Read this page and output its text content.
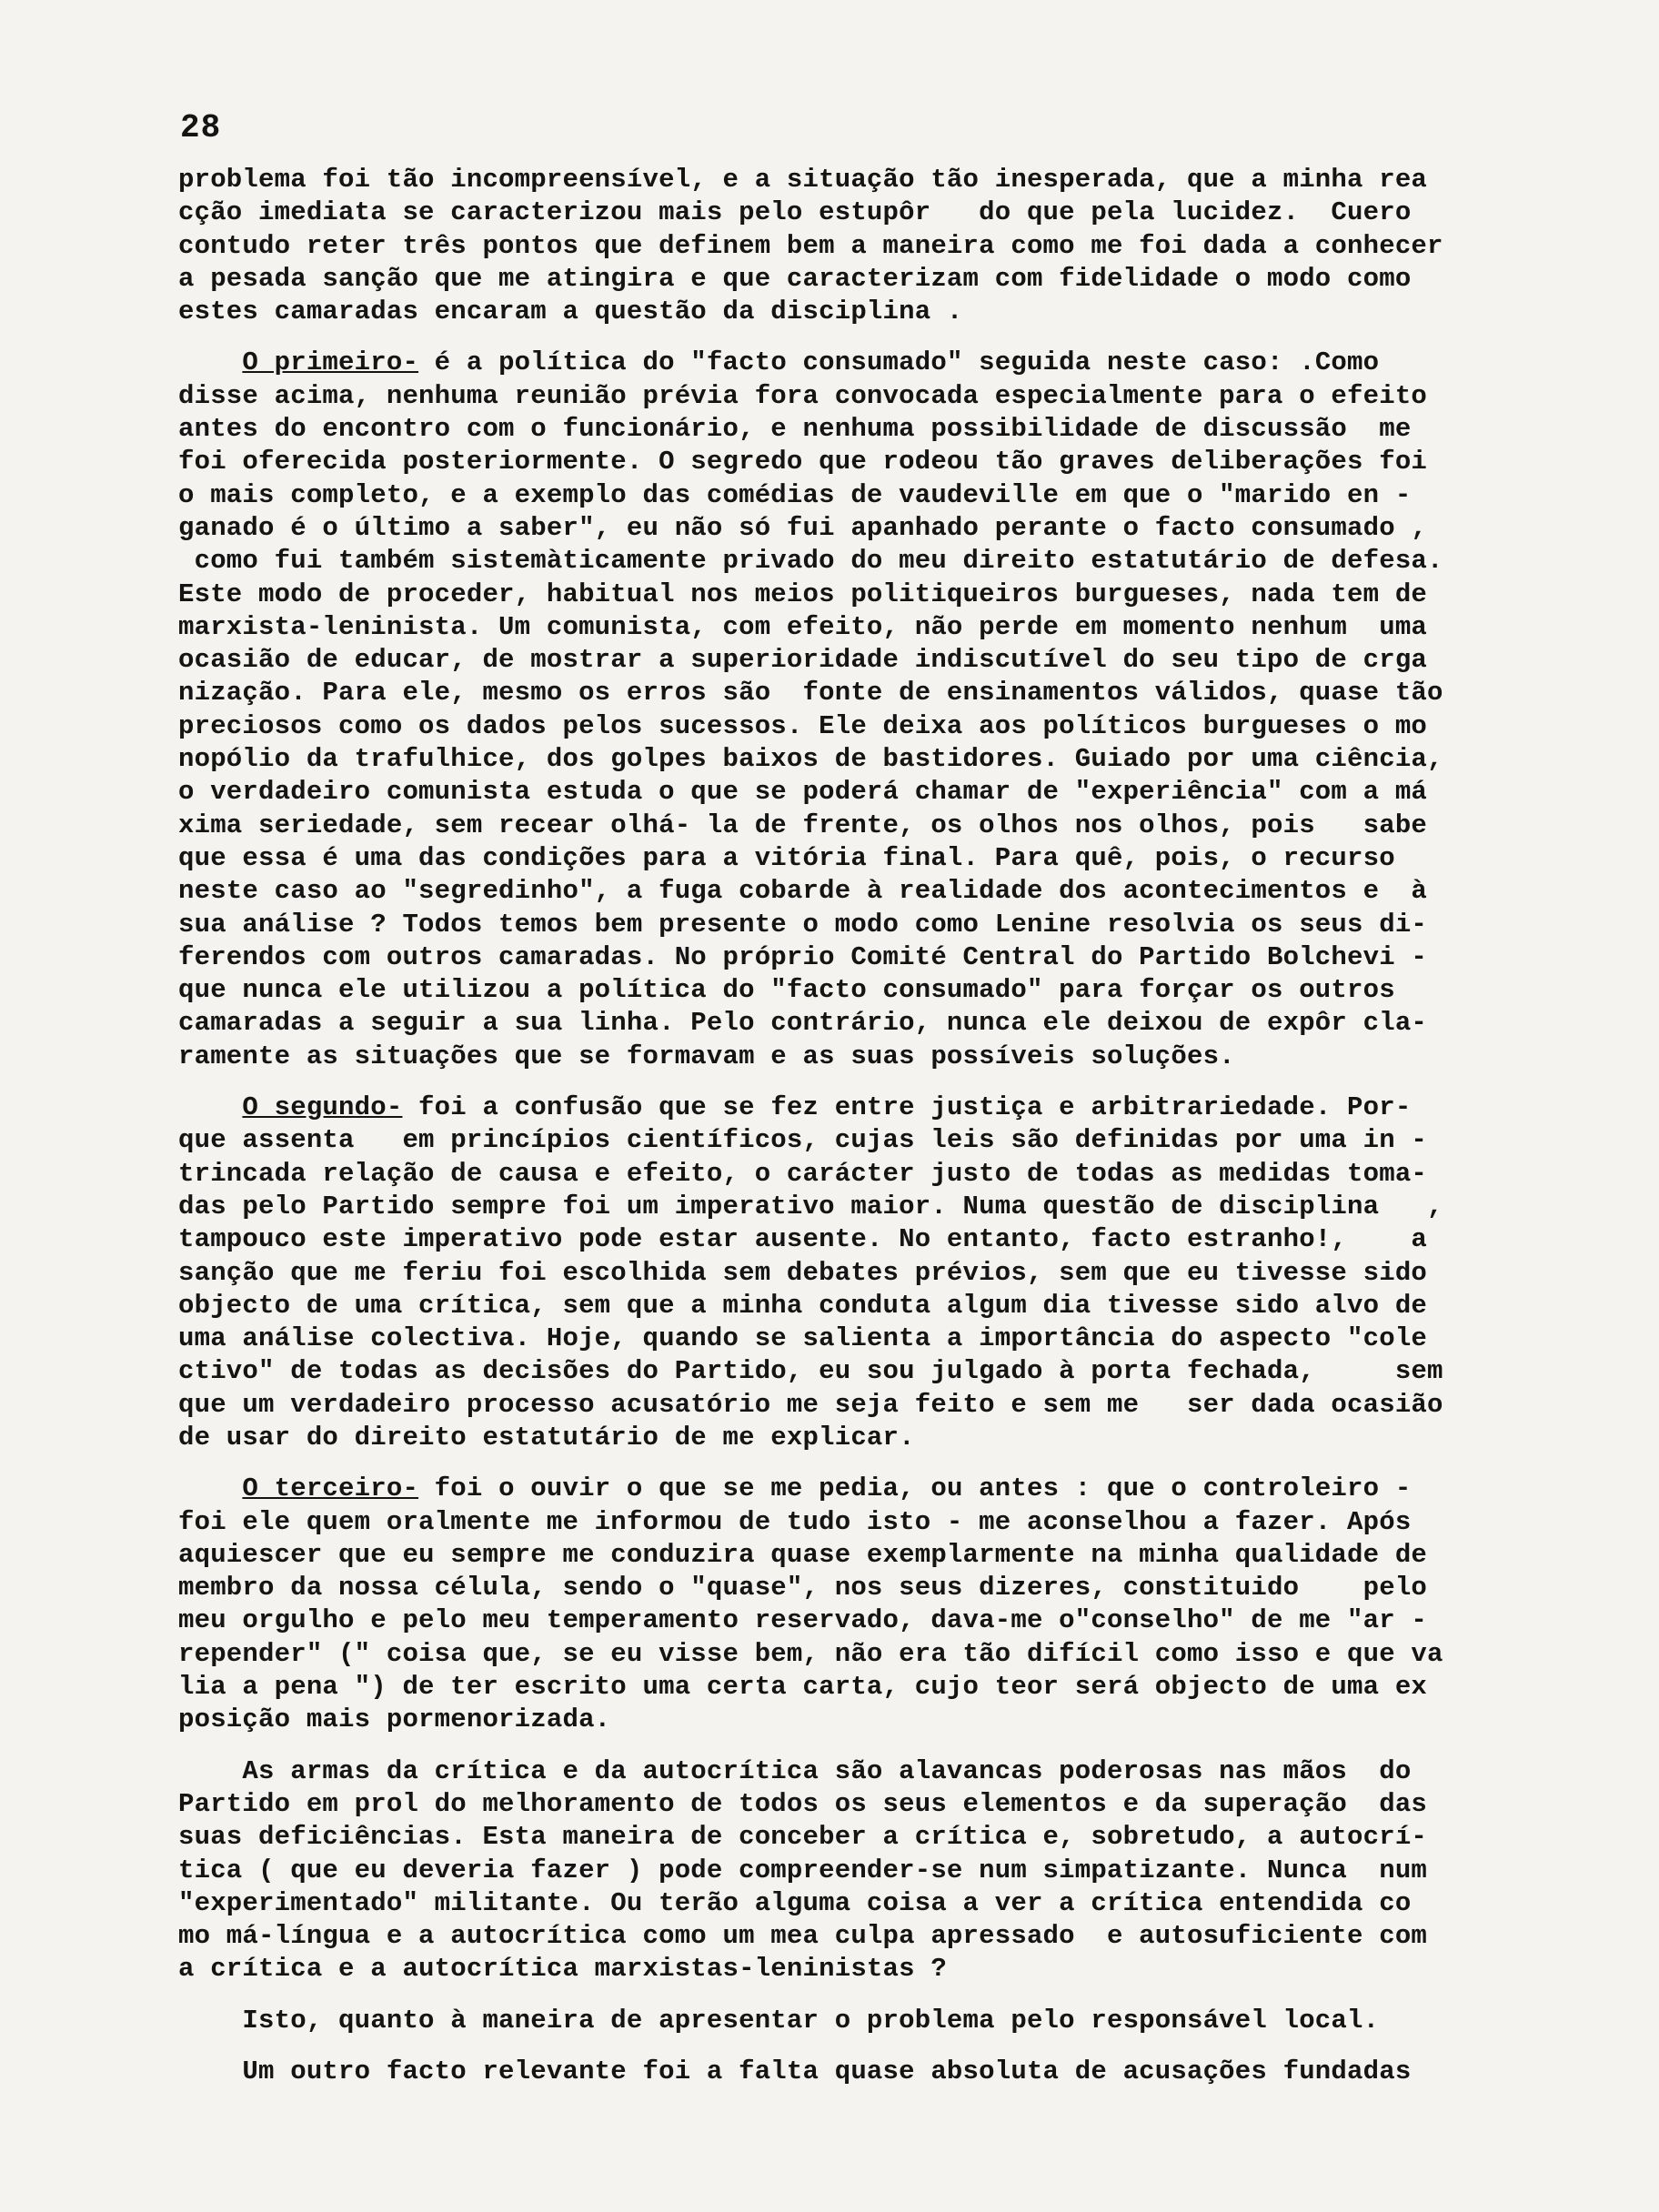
28
problema foi tão incompreensível, e a situação tão inesperada, que a minha rea
cção imediata se caracterizou mais pelo estupôr   do que pela lucidez.  Cuero
contudo reter três pontos que definem bem a maneira como me foi dada a conhecer
a pesada sanção que me atingira e que caracterizam com fidelidade o modo como
estes camaradas encaram a questão da disciplina .
O primeiro- é a política do "facto consumado" seguida neste caso: .Como
disse acima, nenhuma reunião prévia fora convocada especialmente para o efeito
antes do encontro com o funcionário, e nenhuma possibilidade de discussão  me
foi oferecida posteriormente. O segredo que rodeou tão graves deliberações foi
o mais completo, e a exemplo das comédias de vaudeville em que o "marido en -
ganado é o último a saber", eu não só fui apanhado perante o facto consumado ,
como fui também sistemàticamente privado do meu direito estatutário de defesa.
Este modo de proceder, habitual nos meios politiqueiros burgueses, nada tem de
marxista-leninista. Um comunista, com efeito, não perde em momento nenhum  uma
ocasião de educar, de mostrar a superioridade indiscutível do seu tipo de crga
nização. Para ele, mesmo os erros são  fonte de ensinamentos válidos, quase tão
preciosos como os dados pelos sucessos. Ele deixa aos políticos burgueses o mo
nopólio da trafulhice, dos golpes baixos de bastidores. Guiado por uma ciência,
o verdadeiro comunista estuda o que se poderá chamar de "experiência" com a má
xima seriedade, sem recear olhá- la de frente, os olhos nos olhos, pois   sabe
que essa é uma das condições para a vitória final. Para quê, pois, o recurso
neste caso ao "segredinho", a fuga cobarde à realidade dos acontecimentos e  à
sua análise ? Todos temos bem presente o modo como Lenine resolvia os seus di-
ferendos com outros camaradas. No próprio Comité Central do Partido Bolchevi -
que nunca ele utilizou a política do "facto consumado" para forçar os outros
camaradas a seguir a sua linha. Pelo contrário, nunca ele deixou de expôr cla-
ramente as situações que se formavam e as suas possíveis soluções.
O segundo- foi a confusão que se fez entre justiça e arbitrariedade. Por-
que assenta   em princípios científicos, cujas leis são definidas por uma in -
trincada relação de causa e efeito, o carácter justo de todas as medidas toma-
das pelo Partido sempre foi um imperativo maior. Numa questão de disciplina   ,
tampouco este imperativo pode estar ausente. No entanto, facto estranho!,    a
sanção que me feriu foi escolhida sem debates prévios, sem que eu tivesse sido
objecto de uma crítica, sem que a minha conduta algum dia tivesse sido alvo de
uma análise colectiva. Hoje, quando se salienta a importância do aspecto "cole
ctivo" de todas as decisões do Partido, eu sou julgado à porta fechada,     sem
que um verdadeiro processo acusatório me seja feito e sem me   ser dada ocasião
de usar do direito estatutário de me explicar.
O terceiro- foi o ouvir o que se me pedia, ou antes : que o controleiro -
foi ele quem oralmente me informou de tudo isto - me aconselhou a fazer. Após
aquiescer que eu sempre me conduzira quase exemplarmente na minha qualidade de
membro da nossa célula, sendo o "quase", nos seus dizeres, constituido    pelo
meu orgulho e pelo meu temperamento reservado, dava-me o"conselho" de me "ar -
repender" (" coisa que, se eu visse bem, não era tão difícil como isso e que va
lia a pena ") de ter escrito uma certa carta, cujo teor será objecto de uma ex
posição mais pormenorizada.
As armas da crítica e da autocrítica são alavancas poderosas nas mãos  do
Partido em prol do melhoramento de todos os seus elementos e da superação  das
suas deficiências. Esta maneira de conceber a crítica e, sobretudo, a autocrí-
tica ( que eu deveria fazer ) pode compreender-se num simpatizante. Nunca  num
"experimentado" militante. Ou terão alguma coisa a ver a crítica entendida co
mo má-língua e a autocrítica como um mea culpa apressado  e autosuficiente com
a crítica e a autocrítica marxistas-leninistas ?
Isto, quanto à maneira de apresentar o problema pelo responsável local.
Um outro facto relevante foi a falta quase absoluta de acusações fundadas
